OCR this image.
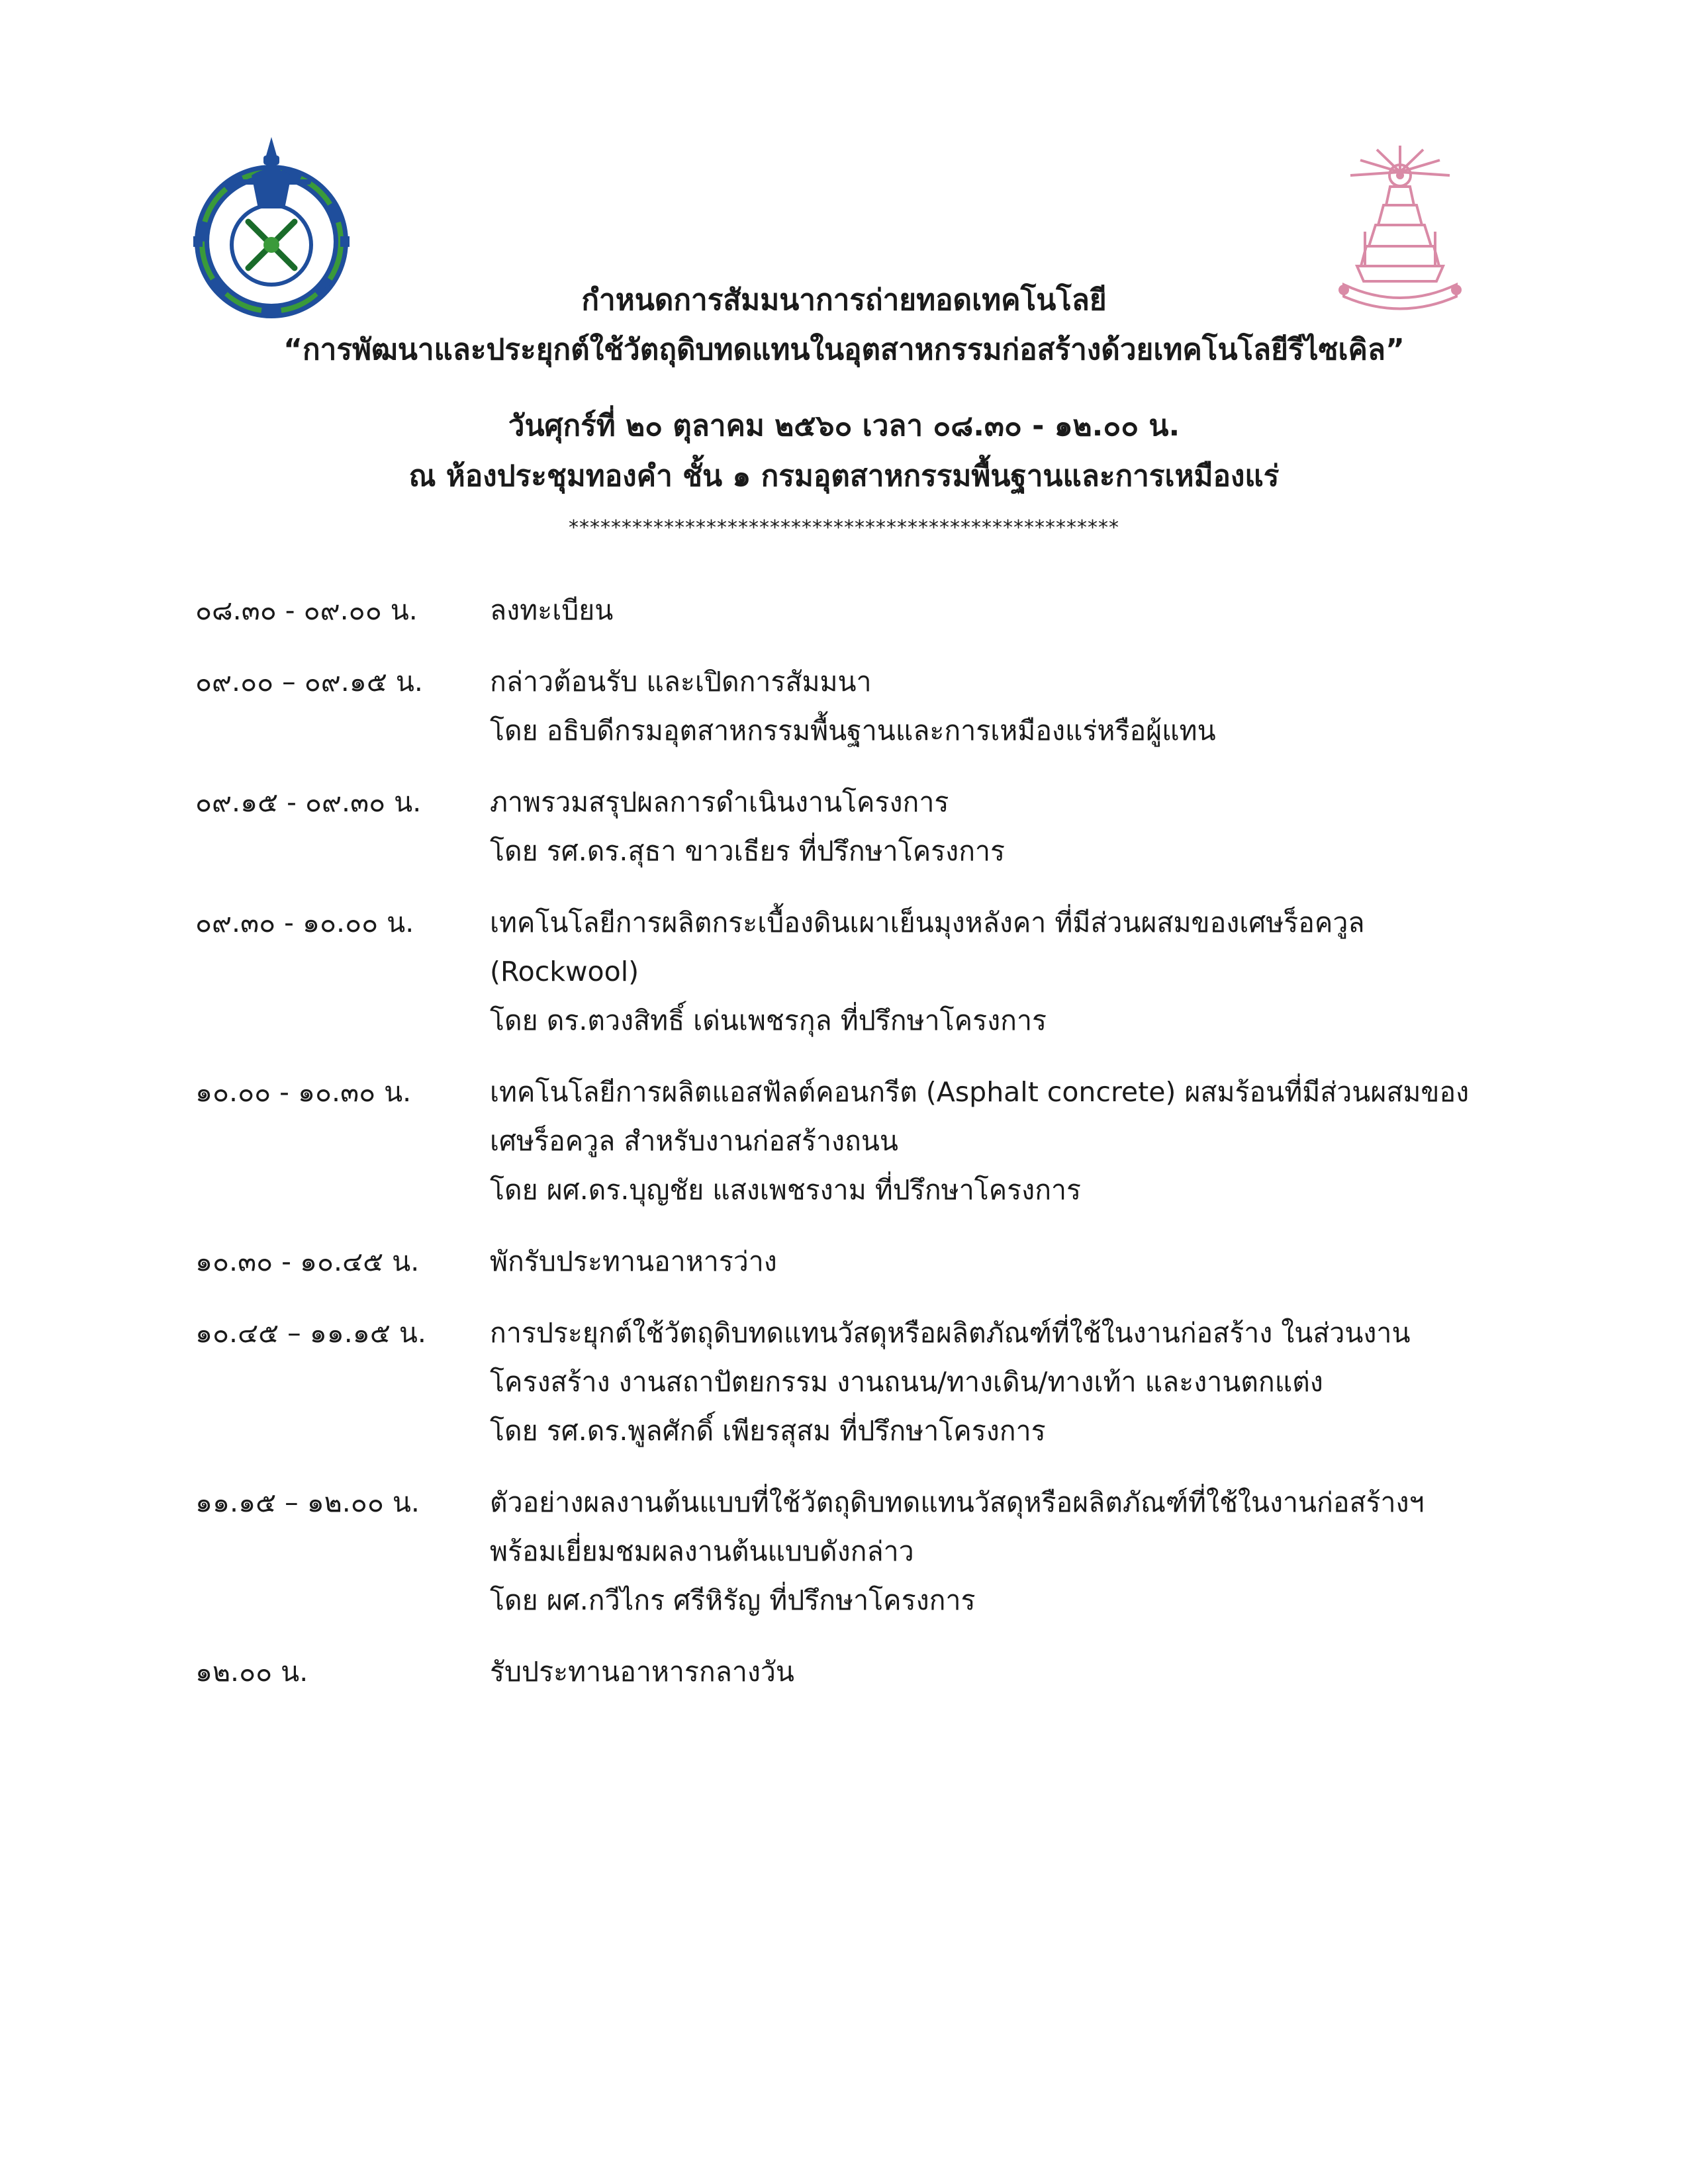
กำหนดการสัมมนาการถ่ายทอดเทคโนโลยี
“การพัฒนาและประยุกต์ใช้วัตถุดิบทดแทนในอุตสาหกรรมก่อสร้างด้วยเทคโนโลยีรีไซเคิล”
วันศุกร์ที่ ๒๐ ตุลาคม ๒๕๖๐ เวลา ๐๘.๓๐ - ๑๒.๐๐ น.
ณ ห้องประชุมทองคำ ชั้น ๑ กรมอุตสาหกรรมพื้นฐานและการเหมืองแร่
****************************************************
๐๘.๓๐ - ๐๙.๐๐ น.	ลงทะเบียน
๐๙.๐๐ – ๐๙.๑๕ น.	กล่าวต้อนรับ และเปิดการสัมมนา
โดย อธิบดีกรมอุตสาหกรรมพื้นฐานและการเหมืองแร่หรือผู้แทน
๐๙.๑๕ - ๐๙.๓๐ น.	ภาพรวมสรุปผลการดำเนินงานโครงการ
โดย รศ.ดร.สุธา ขาวเธียร ที่ปรึกษาโครงการ
๐๙.๓๐ - ๑๐.๐๐ น.	เทคโนโลยีการผลิตกระเบื้องดินเผาเย็นมุงหลังคา ที่มีส่วนผสมของเศษร็อควูล
(Rockwool)
โดย ดร.ตวงสิทธิ์ เด่นเพชรกุล ที่ปรึกษาโครงการ
๑๐.๐๐ - ๑๐.๓๐ น.	เทคโนโลยีการผลิตแอสฟัลต์คอนกรีต (Asphalt concrete) ผสมร้อนที่มีส่วนผสมของ
เศษร็อควูล สำหรับงานก่อสร้างถนน
โดย ผศ.ดร.บุญชัย แสงเพชรงาม ที่ปรึกษาโครงการ
๑๐.๓๐ - ๑๐.๔๕ น.	พักรับประทานอาหารว่าง
๑๐.๔๕ – ๑๑.๑๕ น.	การประยุกต์ใช้วัตถุดิบทดแทนวัสดุหรือผลิตภัณฑ์ที่ใช้ในงานก่อสร้าง ในส่วนงาน
โครงสร้าง งานสถาปัตยกรรม งานถนน/ทางเดิน/ทางเท้า และงานตกแต่ง
โดย รศ.ดร.พูลศักดิ์ เพียรสุสม ที่ปรึกษาโครงการ
๑๑.๑๕ – ๑๒.๐๐ น.	ตัวอย่างผลงานต้นแบบที่ใช้วัตถุดิบทดแทนวัสดุหรือผลิตภัณฑ์ที่ใช้ในงานก่อสร้างฯ
พร้อมเยี่ยมชมผลงานต้นแบบดังกล่าว
โดย ผศ.กวีไกร ศรีหิรัญ ที่ปรึกษาโครงการ
๑๒.๐๐ น.	รับประทานอาหารกลางวัน
